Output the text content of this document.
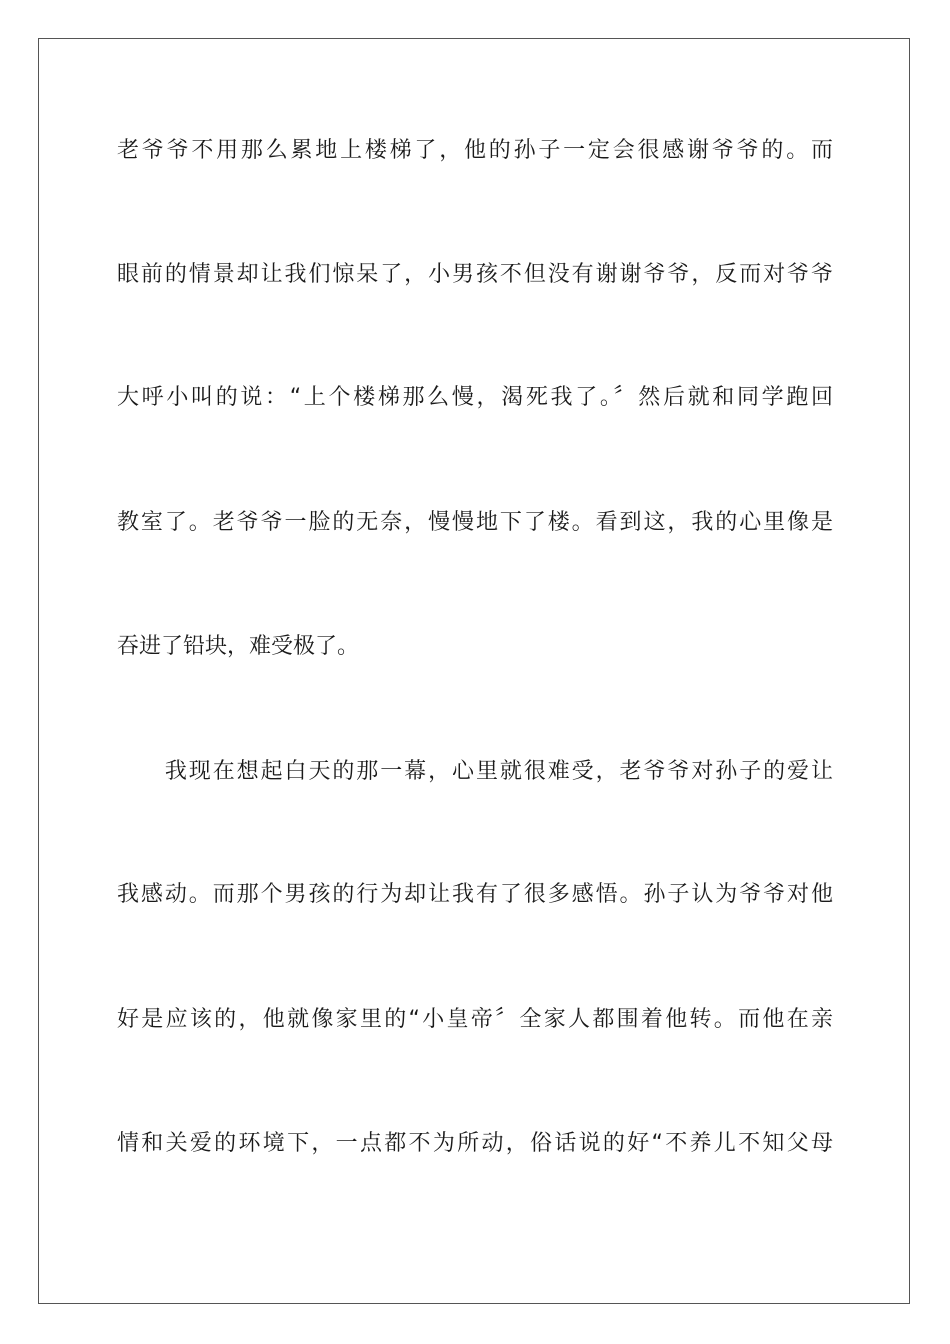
老爷爷不用那么累地上楼梯了，他的孙子一定会很感谢爷爷的。而
眼前的情景却让我们惊呆了，小男孩不但没有谢谢爷爷，反而对爷爷
大呼小叫的说：“上个楼梯那么慢，渴死我了。〞然后就和同学跑回
教室了。老爷爷一脸的无奈，慢慢地下了楼。看到这，我的心里像是
吞进了铅块，难受极了。
　　我现在想起白天的那一幕，心里就很难受，老爷爷对孙子的爱让
我感动。而那个男孩的行为却让我有了很多感悟。孙子认为爷爷对他
好是应该的，他就像家里的“小皇帝〞全家人都围着他转。而他在亲
情和关爱的环境下，一点都不为所动，俗话说的好“不养儿不知父母
